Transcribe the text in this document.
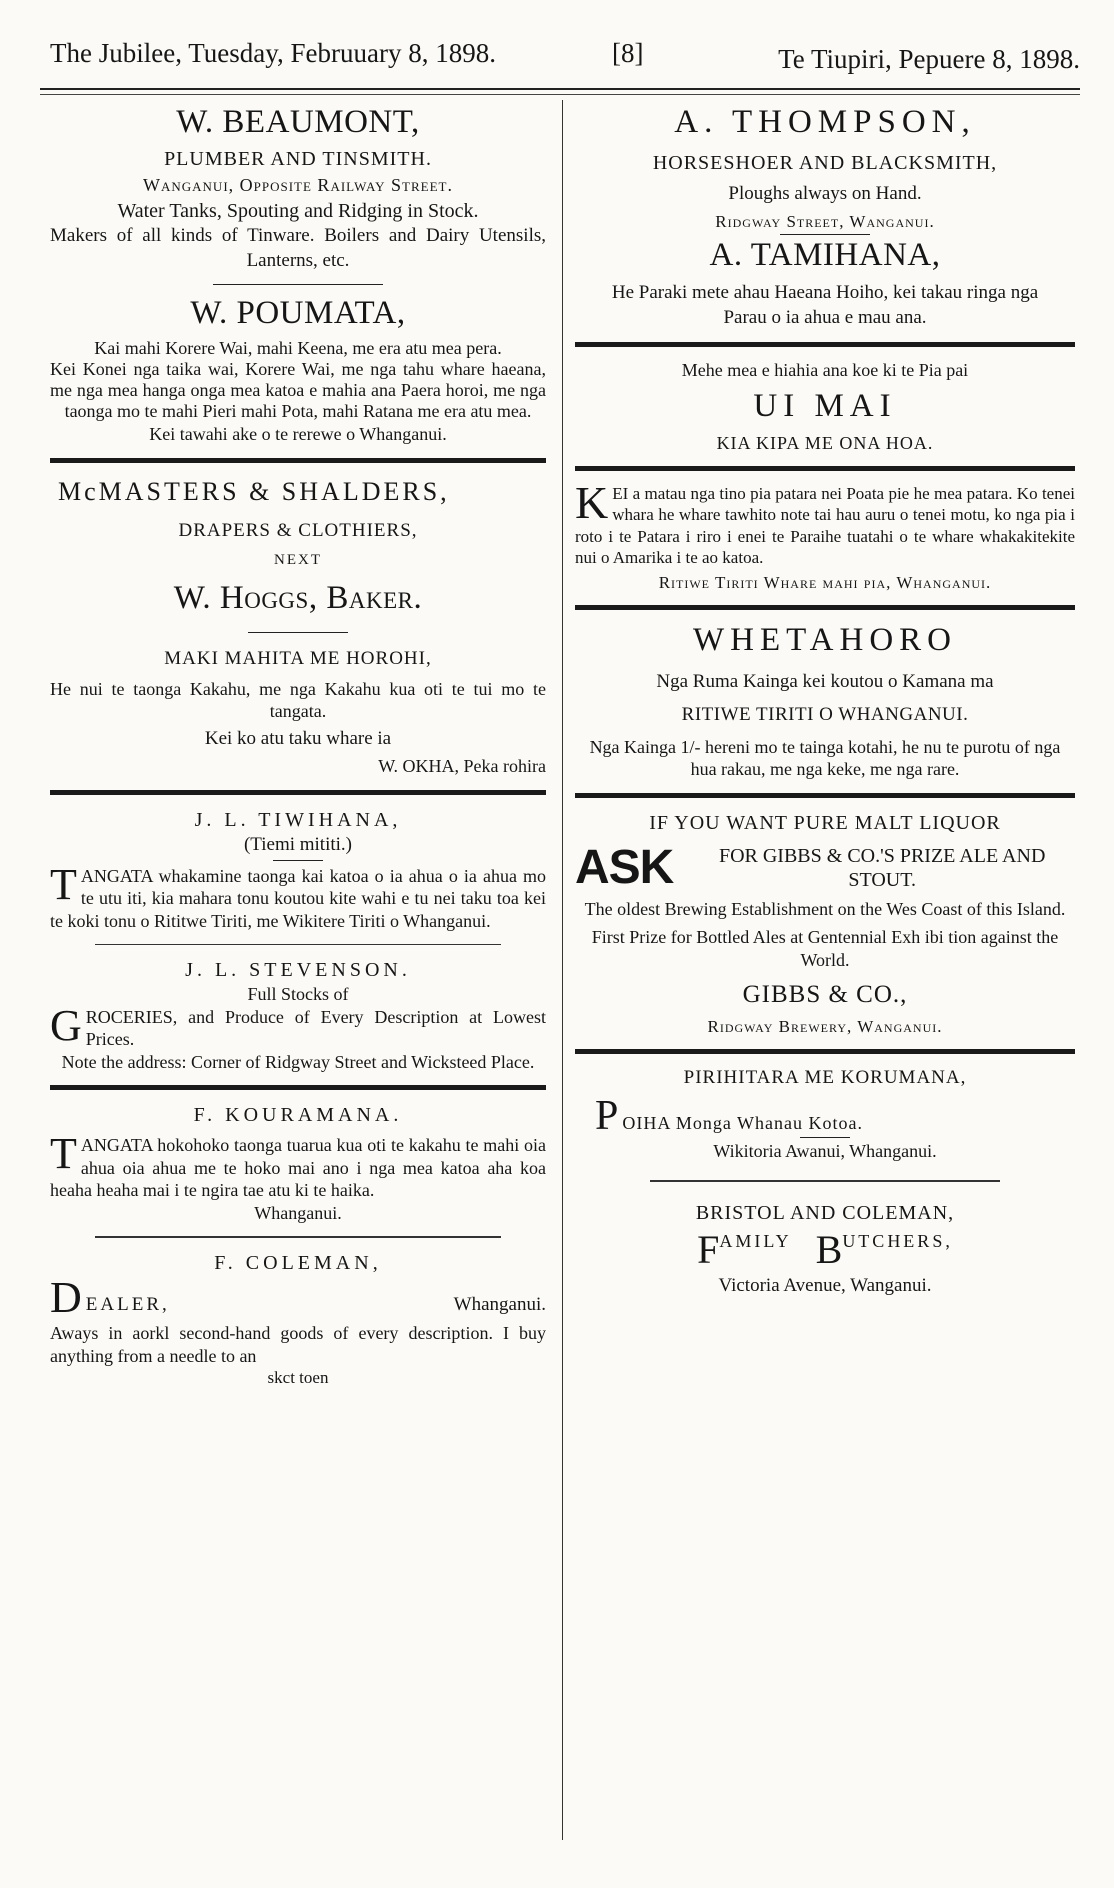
The Jubilee, Tuesday, Februuary 8, 1898.	[8]	Te Tiupiri, Pepuere 8, 1898.

W. BEAUMONT,

PLUMBER AND TINSMITH.

Wanganui, Opposite Railway Street.

Water Tanks, Spouting and Ridging in Stock.

Makers of all kinds of Tinware. Boilers and Dairy Utensils, Lanterns, etc.

W. POUMATA,

Kai mahi Korere Wai, mahi Keena, me era atu mea pera.

Kei Konei nga taika wai, Korere Wai, me nga tahu whare haeana, me nga mea hanga onga mea katoa e mahia ana Paera horoi, me nga taonga mo te mahi Pieri mahi Pota, mahi Ratana me era atu mea.

Kei tawahi ake o te rerewe o Whanganui.

McMASTERS & SHALDERS,

DRAPERS & CLOTHIERS,

NEXT

W. Hoggs, Baker.

MAKI MAHITA ME HOROHI,

He nui te taonga Kakahu, me nga Kakahu kua oti te tui mo te tangata.

Kei ko atu taku whare ia

W. OKHA, Peka rohira

J. L. TIWIHANA,

(Tiemi mititi.)

T ANGATA whakamine taonga kai katoa o ia ahua o ia ahua mo te utu iti, kia mahara tonu koutou kite wahi e tu nei taku toa kei te koki tonu o Rititwe Tiriti, me Wikitere Tiriti o Whanganui.

J. L. STEVENSON.

Full Stocks of

G ROCERIES, and Produce of Every Description at Lowest Prices.

Note the address: Corner of Ridgway Street and Wicksteed Place.

F. KOURAMANA.

T ANGATA hokohoko taonga tuarua kua oti te kakahu te mahi oia ahua oia ahua me te hoko mai ano i nga mea katoa aha koa heaha heaha mai i te ngira tae atu ki te haika.

Whanganui.

F. COLEMAN,

D EALER,	Whanganui.

Aways in aorkl second-hand goods of every description. I buy anything from a needle to an

skct toen

A. THOMPSON,

HORSESHOER AND BLACKSMITH,

Ploughs always on Hand.

Ridgway Street, Wanganui.

A. TAMIHANA,

He Paraki mete ahau Haeana Hoiho, kei takau ringa nga Parau o ia ahua e mau ana.

Mehe mea e hiahia ana koe ki te Pia pai

UI MAI

KIA KIPA ME ONA HOA.

K EI a matau nga tino pia patara nei Poata pie he mea patara. Ko tenei whara he whare tawhito note tai hau auru o tenei motu, ko nga pia i roto i te Patara i riro i enei te Paraihe tuatahi o te whare whakakitekite nui o Amarika i te ao katoa.

Ritiwe Tiriti Whare mahi pia, Whanganui.

WHETAHORO

Nga Ruma Kainga kei koutou o Kamana ma

RITIWE TIRITI O WHANGANUI.

Nga Kainga 1/- hereni mo te tainga kotahi, he nu te purotu of nga hua rakau, me nga keke, me nga rare.

IF YOU WANT PURE MALT LIQUOR

ASK	FOR GIBBS & CO.'S PRIZE ALE AND STOUT.

The oldest Brewing Establishment on the Wes Coast of this Island.

First Prize for Bottled Ales at Gentennial Exh ibi tion against the World.

GIBBS & CO.,

Ridgway Brewery, Wanganui.

PIRIHITARA ME KORUMANA,

P OIHA Monga Whanau Kotoa.

Wikitoria Awanui, Whanganui.

BRISTOL AND COLEMAN,

F AMILY B UTCHERS,

Victoria Avenue, Wanganui.
